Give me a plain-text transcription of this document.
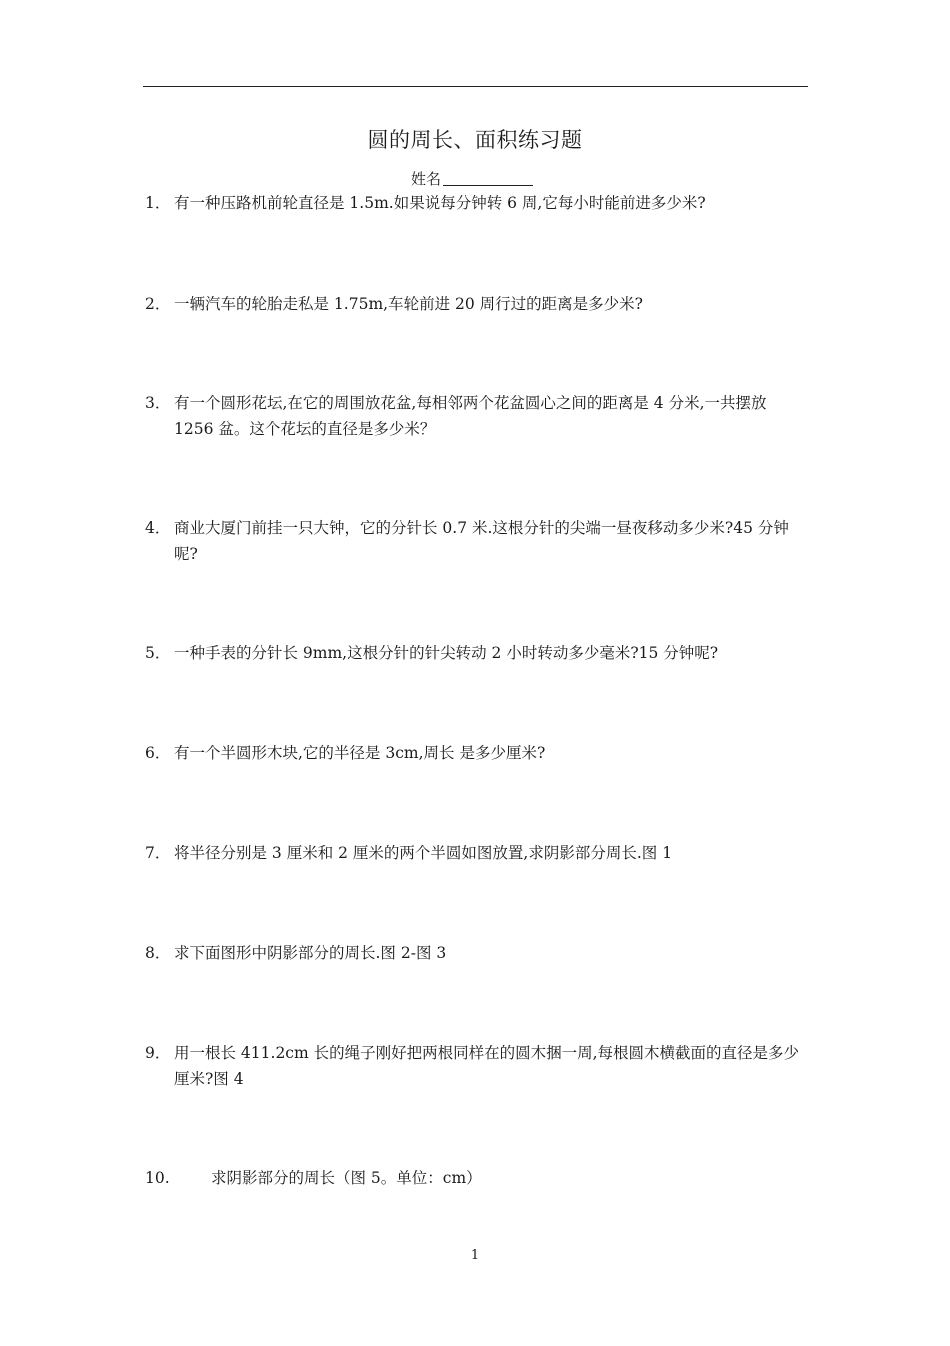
圆的周长、面积练习题
姓名
1． 有一种压路机前轮直径是 1.5m.如果说每分钟转 6 周,它每小时能前进多少米?
2． 一辆汽车的轮胎走私是 1.75m,车轮前进 20 周行过的距离是多少米?
3． 有一个圆形花坛,在它的周围放花盆,每相邻两个花盆圆心之间的距离是 4 分米,一共摆放 1256 盆。这个花坛的直径是多少米？
4． 商业大厦门前挂一只大钟，它的分针长 0.7 米.这根分针的尖端一昼夜移动多少米?45 分钟呢?
5． 一种手表的分针长 9mm,这根分针的针尖转动 2 小时转动多少毫米?15 分钟呢?
6． 有一个半圆形木块,它的半径是 3cm,周长 是多少厘米?
7． 将半径分别是 3 厘米和 2 厘米的两个半圆如图放置,求阴影部分周长.图 1
8． 求下面图形中阴影部分的周长.图 2-图 3
9． 用一根长 411.2cm 长的绳子刚好把两根同样在的圆木捆一周,每根圆木横截面的直径是多少厘米?图 4
10.	求阴影部分的周长（图 5。单位：cm）
1
